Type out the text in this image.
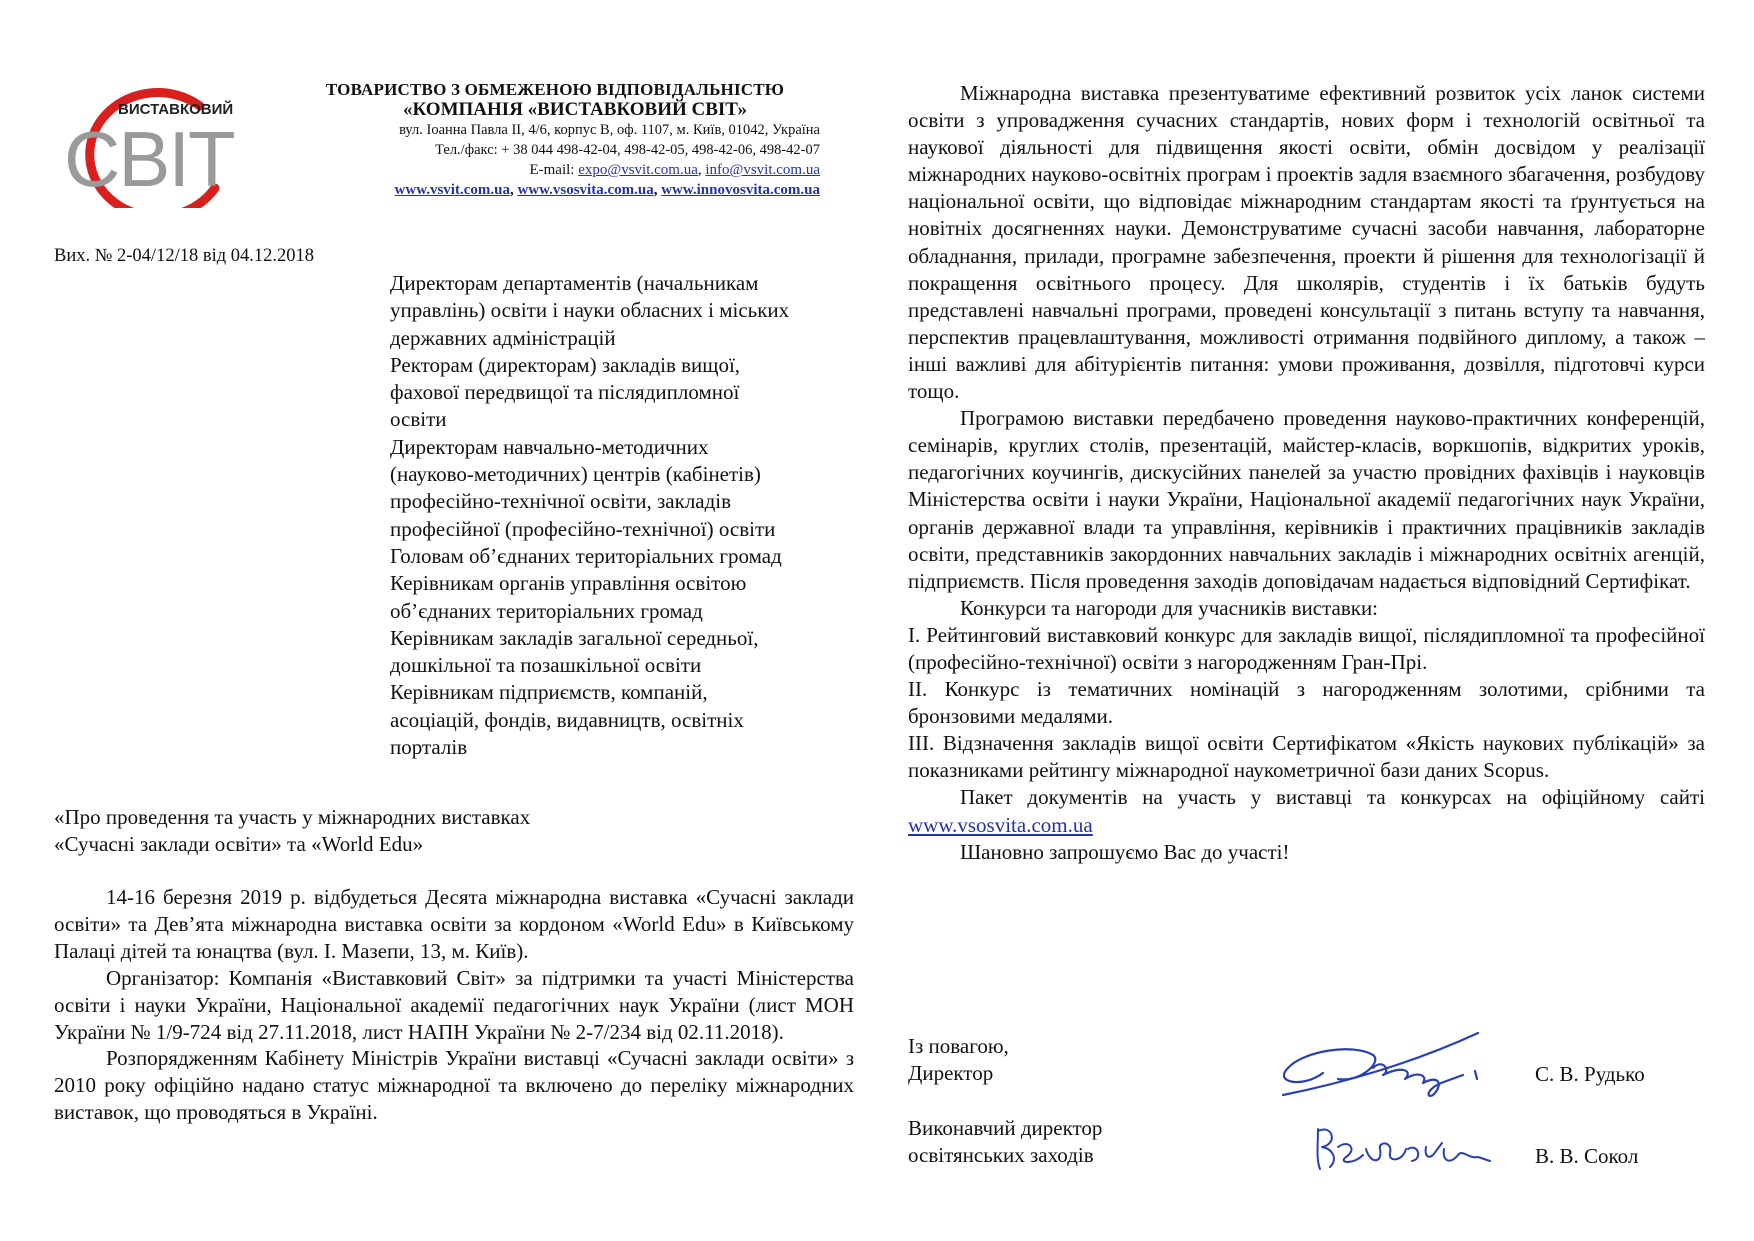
ВИСТАВКОВИЙ
СВІТ
ТОВАРИСТВО З ОБМЕЖЕНОЮ ВІДПОВІДАЛЬНІСТЮ
«КОМПАНІЯ «ВИСТАВКОВИЙ СВІТ»
вул. Іоанна Павла ІІ, 4/6, корпус В, оф. 1107, м. Київ, 01042, Україна
Тел./факс: + 38 044 498-42-04, 498-42-05, 498-42-06, 498-42-07
E-mail: expo@vsvit.com.ua, info@vsvit.com.ua
www.vsvit.com.ua, www.vsosvita.com.ua, www.innovosvita.com.ua
Вих. № 2-04/12/18 від 04.12.2018
Директорам департаментів (начальникам
управлінь) освіти і науки обласних і міських
державних адміністрацій
Ректорам (директорам) закладів вищої,
фахової передвищої та післядипломної
освіти
Директорам навчально-методичних
(науково-методичних) центрів (кабінетів)
професійно-технічної освіти, закладів
професійної (професійно-технічної) освіти
Головам об’єднаних територіальних громад
Керівникам органів управління освітою
об’єднаних територіальних громад
Керівникам закладів загальної середньої,
дошкільної та позашкільної освіти
Керівникам підприємств, компаній,
асоціацій, фондів, видавництв, освітніх
порталів
«Про проведення та участь у міжнародних виставках
«Сучасні заклади освіти» та «World Edu»

14-16 березня 2019 р. відбудеться Десята міжнародна виставка «Сучасні заклади освіти» та Дев’ята міжнародна виставка освіти за кордоном «World Edu» в Київському Палаці дітей та юнацтва (вул. І. Мазепи, 13, м. Київ).

Організатор: Компанія «Виставковий Світ» за підтримки та участі Міністерства освіти і науки України, Національної академії педагогічних наук України (лист МОН України № 1/9-724 від 27.11.2018, лист НАПН України № 2-7/234 від 02.11.2018).

Розпорядженням Кабінету Міністрів України виставці «Сучасні заклади освіти» з 2010 року офіційно надано статус міжнародної та включено до переліку міжнародних виставок, що проводяться в Україні.

Міжнародна виставка презентуватиме ефективний розвиток усіх ланок системи освіти з упровадження сучасних стандартів, нових форм і технологій освітньої та наукової діяльності для підвищення якості освіти, обмін досвідом у реалізації міжнародних науково-освітніх програм і проектів задля взаємного збагачення, розбудову національної освіти, що відповідає міжнародним стандартам якості та ґрунтується на новітніх досягненнях науки. Демонструватиме сучасні засоби навчання, лабораторне обладнання, прилади, програмне забезпечення, проекти й рішення для технологізації й покращення освітнього процесу. Для школярів, студентів і їх батьків будуть представлені навчальні програми, проведені консультації з питань вступу та навчання, перспектив працевлаштування, можливості отримання подвійного диплому, а також – інші важливі для абітурієнтів питання: умови проживання, дозвілля, підготовчі курси тощо.

Програмою виставки передбачено проведення науково-практичних конференцій, семінарів, круглих столів, презентацій, майстер-класів, воркшопів, відкритих уроків, педагогічних коучингів, дискусійних панелей за участю провідних фахівців і науковців Міністерства освіти і науки України, Національної академії педагогічних наук України, органів державної влади та управління, керівників і практичних працівників закладів освіти, представників закордонних навчальних закладів і міжнародних освітніх агенцій, підприємств. Після проведення заходів доповідачам надається відповідний Сертифікат.

Конкурси та нагороди для учасників виставки:

І. Рейтинговий виставковий конкурс для закладів вищої, післядипломної та професійної (професійно-технічної) освіти з нагородженням Гран-Прі.

ІІ. Конкурс із тематичних номінацій з нагородженням золотими, срібними та бронзовими медалями.

ІІІ. Відзначення закладів вищої освіти Сертифікатом «Якість наукових публікацій» за показниками рейтингу міжнародної наукометричної бази даних Scopus.

Пакет документів на участь у виставці та конкурсах на офіційному сайті www.vsosvita.com.ua

Шановно запрошуємо Вас до участі!

Із повагою,
Директор	С. В. Рудько
Виконавчий директор
освітянських заходів	В. В. Сокол
